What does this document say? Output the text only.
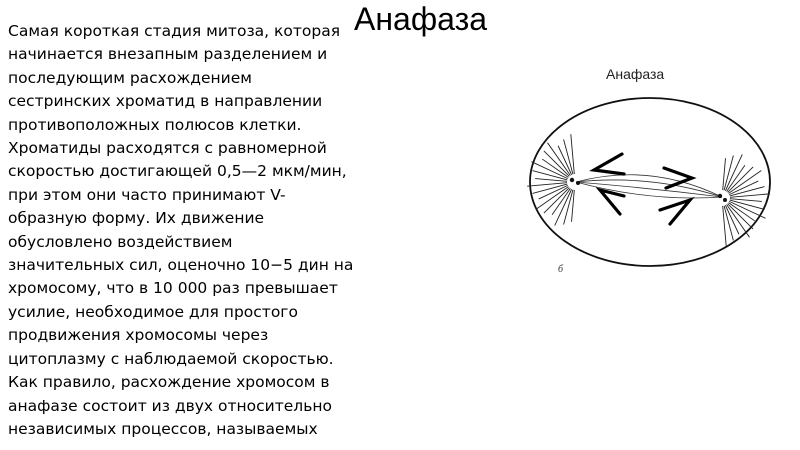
Анафаза
Самая короткая стадия митоза, которая
начинается внезапным разделением и
последующим расхождением
сестринских хроматид в направлении
противоположных полюсов клетки.
Хроматиды расходятся с равномерной
скоростью достигающей 0,5—2 мкм/мин,
при этом они часто принимают V-
образную форму. Их движение
обусловлено воздействием
значительных сил, оценочно 10−5 дин на
хромосому, что в 10 000 раз превышает
усилие, необходимое для простого
продвижения хромосомы через
цитоплазму с наблюдаемой скоростью.
Как правило, расхождение хромосом в
анафазе состоит из двух относительно
независимых процессов, называемых
Анафаза
б
